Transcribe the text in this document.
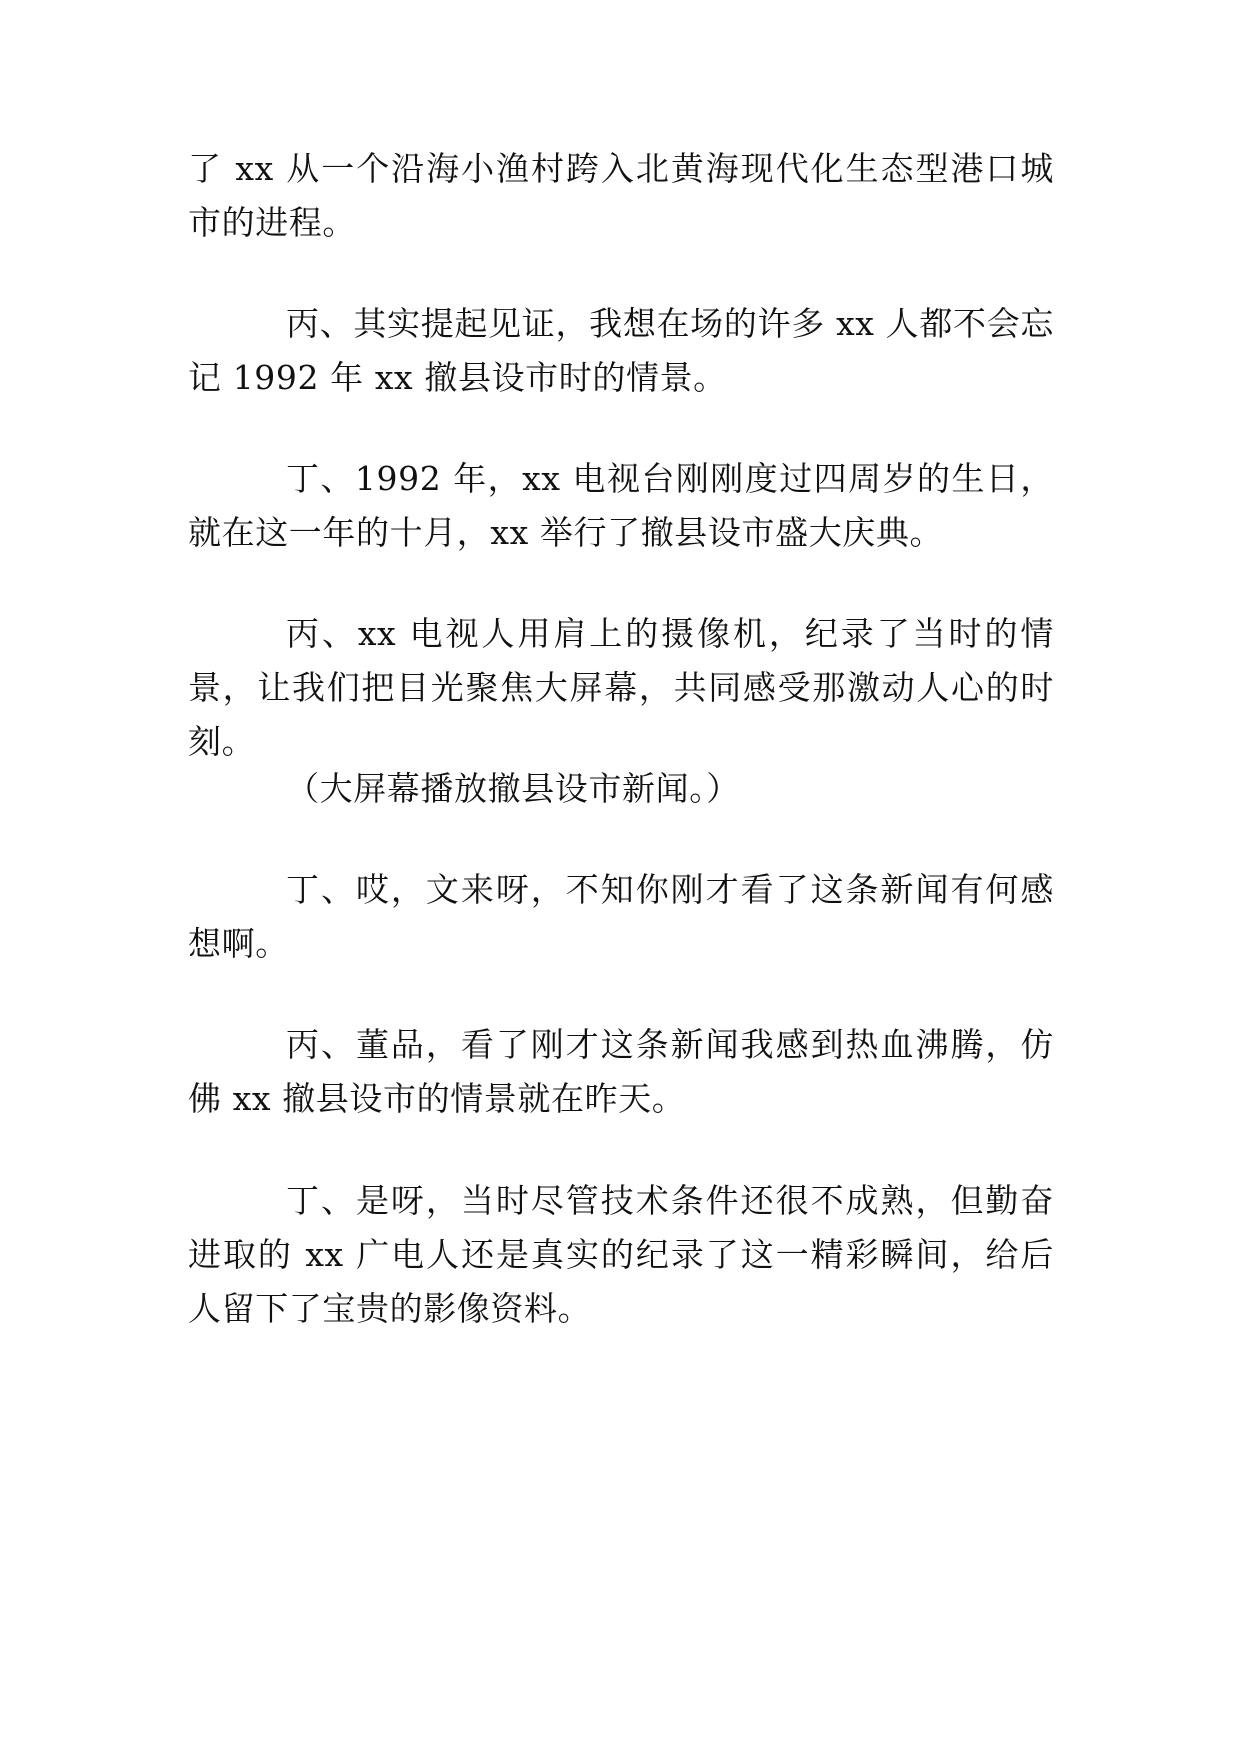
了 xx 从一个沿海小渔村跨入北黄海现代化生态型港口城市的进程。

丙、其实提起见证，我想在场的许多 xx 人都不会忘记 1992 年 xx 撤县设市时的情景。

丁、1992 年，xx 电视台刚刚度过四周岁的生日，就在这一年的十月，xx 举行了撤县设市盛大庆典。

丙、xx 电视人用肩上的摄像机，纪录了当时的情景，让我们把目光聚焦大屏幕，共同感受那激动人心的时刻。

（大屏幕播放撤县设市新闻。）

丁、哎，文来呀，不知你刚才看了这条新闻有何感想啊。

丙、董品，看了刚才这条新闻我感到热血沸腾，仿佛 xx 撤县设市的情景就在昨天。

丁、是呀，当时尽管技术条件还很不成熟，但勤奋进取的 xx 广电人还是真实的纪录了这一精彩瞬间，给后人留下了宝贵的影像资料。
